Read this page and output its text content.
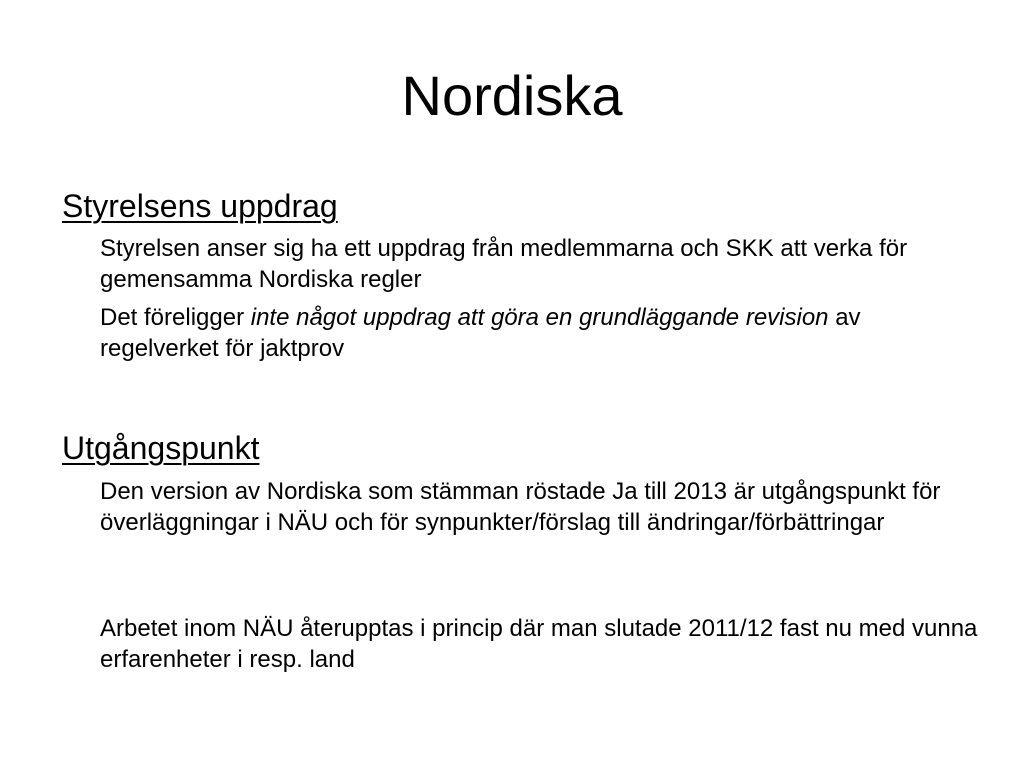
Nordiska
Styrelsens uppdrag

Styrelsen anser sig ha ett uppdrag från medlemmarna och SKK att verka för gemensamma Nordiska regler

Det föreligger inte något uppdrag att göra en grundläggande revision av regelverket för jaktprov

Utgångspunkt

Den version av Nordiska som stämman röstade Ja till 2013 är utgångspunkt för överläggningar i NÄU och för synpunkter/förslag till ändringar/förbättringar

Arbetet inom NÄU återupptas i princip där man slutade 2011/12 fast nu med vunna erfarenheter i resp. land
